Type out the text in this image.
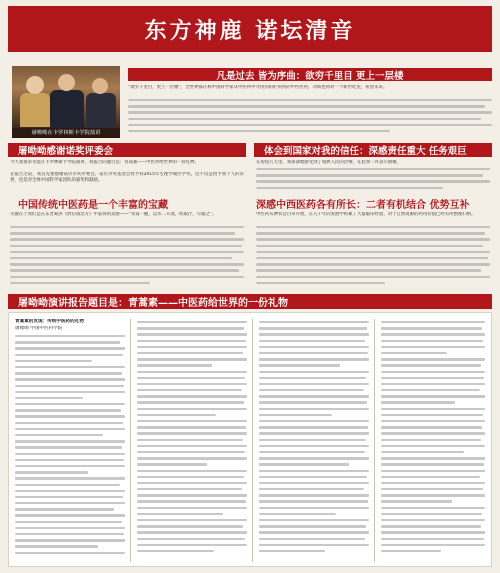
东方神鹿 诺坛清音
凡是过去 皆为序曲：欲穷千里目 更上一层楼
屠呦呦在卡罗林斯卡学院演讲
“欲穷千里目，更上一层楼”，全世界都在称中国科学家从中医药中寻找到的疟疾药的中医医药，功绩也将对一个新世纪里，希望未来。
屠呦呦感谢诺奖评委会
今天我很荣幸能在卡罗林斯卡学院演讲，我报告的题目是：青蒿素——中医药给世界的一份礼物。
在报告之前，我首先要感谢诺贝尔奖评委会，诺贝尔奖基金会授予我2015年生理学或医学奖。这不仅是授予我个人的荣誉，也是对全体中国科学家团队的嘉奖和鼓励。
中国传统中医药是一个丰富的宝藏
关键在于我们是在东晋葛洪《肘后备急方》中获得的灵感——“青蒿一握，以水二升渍，绞取汁，尽服之”。
体会到国家对我的信任：深感责任重大 任务艰巨
在短短几天里，我深深地感受到了瑞典人民的热情，在此我一并表示感谢。
深感中西医药各有所长：二者有机结合 优势互补
中医药从神农尝百草开始，在几千年的发展中积累了大量临床经验，对于自然资源的药用价值已经有所整理归纳。
屠呦呦演讲报告题目是：青蒿素——中医药给世界的一份礼物
青蒿素的发现：传统中医药的礼物
屠呦呦 中国中医科学院
